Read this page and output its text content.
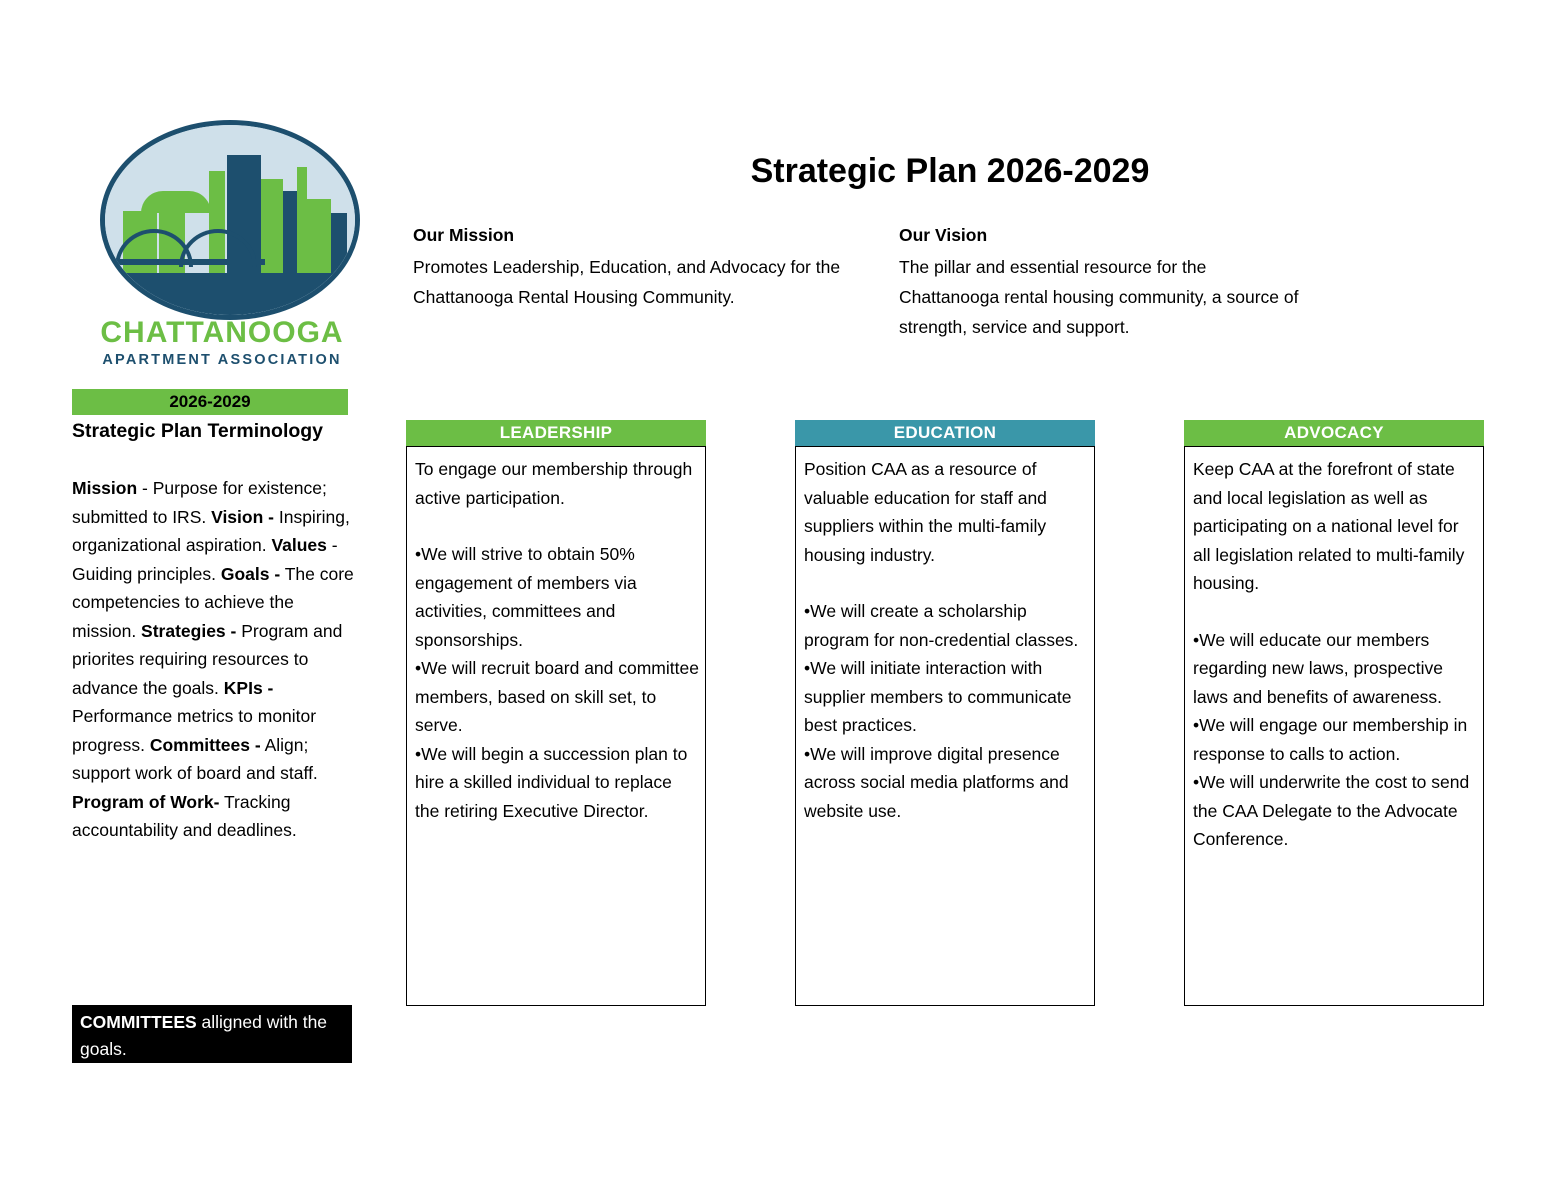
CHATTANOOGA
APARTMENT ASSOCIATION
Strategic Plan 2026-2029
Our Mission
Promotes Leadership, Education, and Advocacy for the Chattanooga Rental Housing Community.
Our Vision
The pillar and essential resource for the Chattanooga rental housing community, a source of strength, service and support.
2026-2029
Strategic Plan Terminology
Mission - Purpose for existence; submitted to IRS. Vision - Inspiring, organizational aspiration. Values - Guiding principles. Goals - The core competencies to achieve the mission. Strategies - Program and priorites requiring resources to advance the goals. KPIs - Performance metrics to monitor progress. Committees - Align; support work of board and staff. Program of Work- Tracking accountability and deadlines.
COMMITTEES alligned with the goals.
LEADERSHIP
To engage our membership through active participation.
•We will strive to obtain 50% engagement of members via activities, committees and sponsorships.
•We will recruit board and committee members, based on skill set, to serve.
•We will begin a succession plan to hire a skilled individual to replace the retiring Executive Director.
EDUCATION
Position CAA as a resource of valuable education for staff and suppliers within the multi-family housing industry.
•We will create a scholarship program for non-credential classes.
•We will initiate interaction with supplier members to communicate best practices.
•We will improve digital presence across social media platforms and website use.
ADVOCACY
Keep CAA at the forefront of state and local legislation as well as participating on a national level for all legislation related to multi-family housing.
•We will educate our members regarding new laws, prospective laws and benefits of awareness.
•We will engage our membership in response to calls to action.
•We will underwrite the cost to send the CAA Delegate to the Advocate Conference.
